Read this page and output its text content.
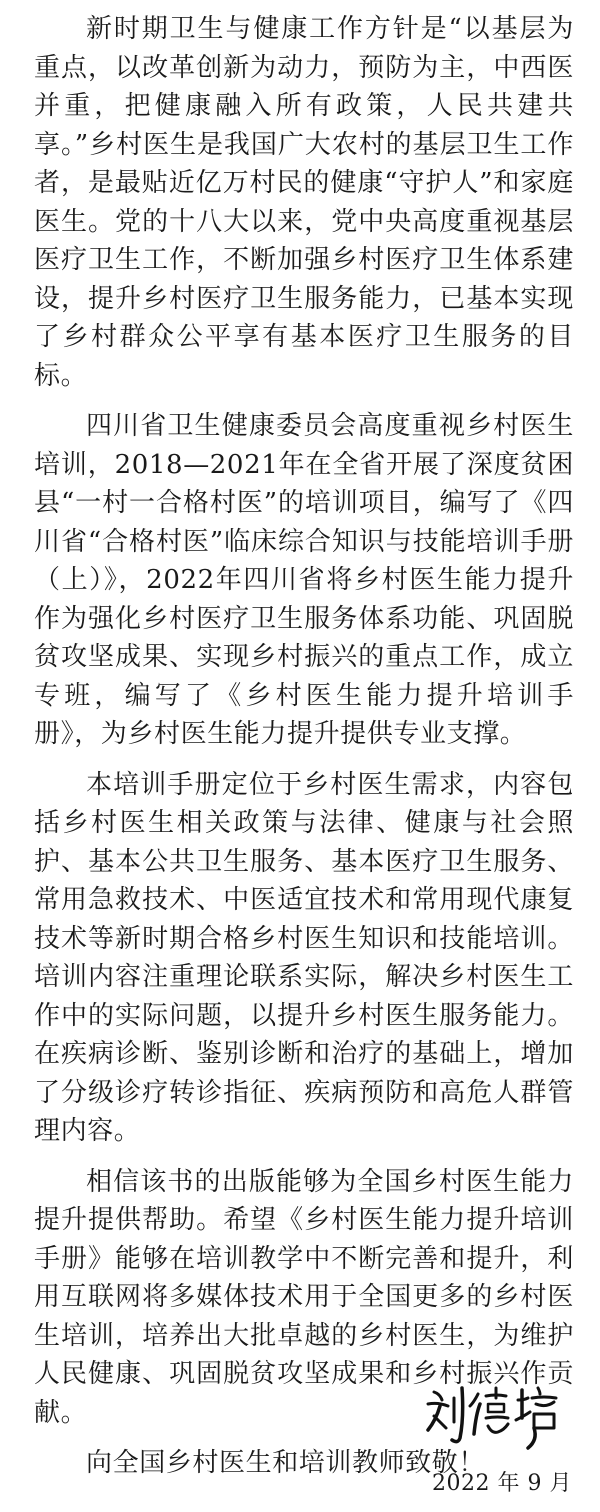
新时期卫生与健康工作方针是“以基层为重点，以改革创新为动力，预防为主，中西医并重，把健康融入所有政策，人民共建共享。”乡村医生是我国广大农村的基层卫生工作者，是最贴近亿万村民的健康“守护人”和家庭医生。党的十八大以来，党中央高度重视基层医疗卫生工作，不断加强乡村医疗卫生体系建设，提升乡村医疗卫生服务能力，已基本实现了乡村群众公平享有基本医疗卫生服务的目标。

四川省卫生健康委员会高度重视乡村医生培训，2018—2021年在全省开展了深度贫困县“一村一合格村医”的培训项目，编写了《四川省“合格村医”临床综合知识与技能培训手册（上）》，2022年四川省将乡村医生能力提升作为强化乡村医疗卫生服务体系功能、巩固脱贫攻坚成果、实现乡村振兴的重点工作，成立专班，编写了《乡村医生能力提升培训手册》，为乡村医生能力提升提供专业支撑。

本培训手册定位于乡村医生需求，内容包括乡村医生相关政策与法律、健康与社会照护、基本公共卫生服务、基本医疗卫生服务、常用急救技术、中医适宜技术和常用现代康复技术等新时期合格乡村医生知识和技能培训。培训内容注重理论联系实际，解决乡村医生工作中的实际问题，以提升乡村医生服务能力。在疾病诊断、鉴别诊断和治疗的基础上，增加了分级诊疗转诊指征、疾病预防和高危人群管理内容。

相信该书的出版能够为全国乡村医生能力提升提供帮助。希望《乡村医生能力提升培训手册》能够在培训教学中不断完善和提升，利用互联网将多媒体技术用于全国更多的乡村医生培训，培养出大批卓越的乡村医生，为维护人民健康、巩固脱贫攻坚成果和乡村振兴作贡献。

向全国乡村医生和培训教师致敬！

2022 年 9 月
